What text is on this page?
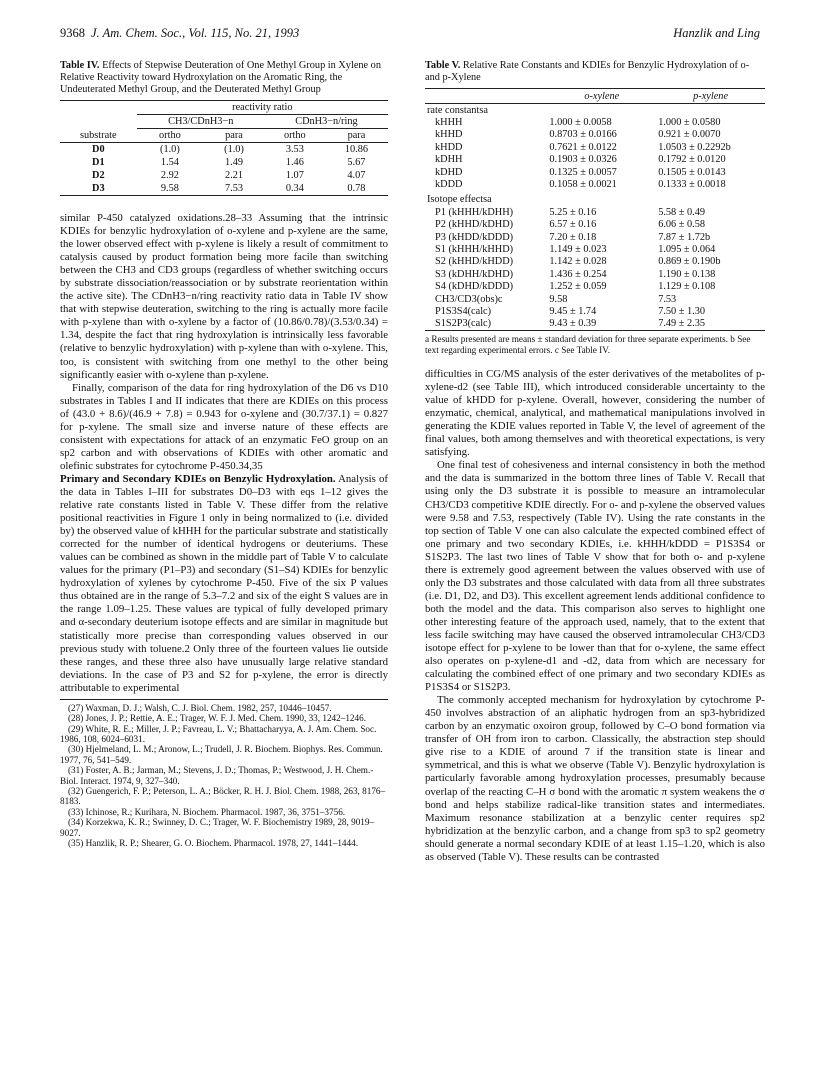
9368 J. Am. Chem. Soc., Vol. 115, No. 21, 1993	Hanzlik and Ling
Table IV. Effects of Stepwise Deuteration of One Methyl Group in Xylene on Relative Reactivity toward Hydroxylation on the Aromatic Ring, the Undeuterated Methyl Group, and the Deuterated Methyl Group
	reactivity ratio			
	CH3/CDnH3−n		CDnH3−n/ring	
substrate	ortho	para	ortho	para
D0	(1.0)	(1.0)	3.53	10.86
D1	1.54	1.49	1.46	5.67
D2	2.92	2.21	1.07	4.07
D3	9.58	7.53	0.34	0.78

similar P-450 catalyzed oxidations.28–33 Assuming that the intrinsic KDIEs for benzylic hydroxylation of o-xylene and p-xylene are the same, the lower observed effect with p-xylene is likely a result of commitment to catalysis caused by product formation being more facile than switching between the CH3 and CD3 groups (regardless of whether switching occurs by substrate dissociation/reassociation or by substrate reorientation within the active site). The CDnH3−n/ring reactivity ratio data in Table IV show that with stepwise deuteration, switching to the ring is actually more facile with p-xylene than with o-xylene by a factor of (10.86/0.78)/(3.53/0.34) = 1.34, despite the fact that ring hydroxylation is intrinsically less favorable (relative to benzylic hydroxylation) with p-xylene than with o-xylene. This, too, is consistent with switching from one methyl to the other being significantly easier with o-xylene than p-xylene.

Finally, comparison of the data for ring hydroxylation of the D6 vs D10 substrates in Tables I and II indicates that there are KDIEs on this process of (43.0 + 8.6)/(46.9 + 7.8) = 0.943 for o-xylene and (30.7/37.1) = 0.827 for p-xylene. The small size and inverse nature of these effects are consistent with expectations for attack of an enzymatic FeO group on an sp2 carbon and with observations of KDIEs with other aromatic and olefinic substrates for cytochrome P-450.34,35

Primary and Secondary KDIEs on Benzylic Hydroxylation. Analysis of the data in Tables I–III for substrates D0–D3 with eqs 1–12 gives the relative rate constants listed in Table V. These differ from the relative positional reactivities in Figure 1 only in being normalized to (i.e. divided by) the observed value of kHHH for the particular substrate and statistically corrected for the number of identical hydrogens or deuteriums. These values can be combined as shown in the middle part of Table V to calculate values for the primary (P1–P3) and secondary (S1–S4) KDIEs for benzylic hydroxylation of xylenes by cytochrome P-450. Five of the six P values thus obtained are in the range of 5.3–7.2 and six of the eight S values are in the range 1.09–1.25. These values are typical of fully developed primary and α-secondary deuterium isotope effects and are similar in magnitude but statistically more precise than corresponding values observed in our previous study with toluene.2 Only three of the fourteen values lie outside these ranges, and these three also have unusually large relative standard deviations. In the case of P3 and S2 for p-xylene, the error is directly attributable to experimental

(27) Waxman, D. J.; Walsh, C. J. Biol. Chem. 1982, 257, 10446–10457.
(28) Jones, J. P.; Rettie, A. E.; Trager, W. F. J. Med. Chem. 1990, 33, 1242–1246.
(29) White, R. E.; Miller, J. P.; Favreau, L. V.; Bhattacharyya, A. J. Am. Chem. Soc. 1986, 108, 6024–6031.
(30) Hjelmeland, L. M.; Aronow, L.; Trudell, J. R. Biochem. Biophys. Res. Commun. 1977, 76, 541–549.
(31) Foster, A. B.; Jarman, M.; Stevens, J. D.; Thomas, P.; Westwood, J. H. Chem.-Biol. Interact. 1974, 9, 327–340.
(32) Guengerich, F. P.; Peterson, L. A.; Böcker, R. H. J. Biol. Chem. 1988, 263, 8176–8183.
(33) Ichinose, R.; Kurihara, N. Biochem. Pharmacol. 1987, 36, 3751–3756.
(34) Korzekwa, K. R.; Swinney, D. C.; Trager, W. F. Biochemistry 1989, 28, 9019–9027.
(35) Hanzlik, R. P.; Shearer, G. O. Biochem. Pharmacol. 1978, 27, 1441–1444.
Table V. Relative Rate Constants and KDIEs for Benzylic Hydroxylation of o- and p-Xylene
	o-xylene	p-xylene
rate constantsa		
kHHH	1.000 ± 0.0058	1.000 ± 0.0580
kHHD	0.8703 ± 0.0166	0.921 ± 0.0070
kHDD	0.7621 ± 0.0122	1.0503 ± 0.2292b
kDHH	0.1903 ± 0.0326	0.1792 ± 0.0120
kDHD	0.1325 ± 0.0057	0.1505 ± 0.0143
kDDD	0.1058 ± 0.0021	0.1333 ± 0.0018
Isotope effectsa		
P1 (kHHH/kDHH)	5.25 ± 0.16	5.58 ± 0.49
P2 (kHHD/kDHD)	6.57 ± 0.16	6.06 ± 0.58
P3 (kHDD/kDDD)	7.20 ± 0.18	7.87 ± 1.72b
S1 (kHHH/kHHD)	1.149 ± 0.023	1.095 ± 0.064
S2 (kHHD/kHDD)	1.142 ± 0.028	0.869 ± 0.190b
S3 (kDHH/kDHD)	1.436 ± 0.254	1.190 ± 0.138
S4 (kDHD/kDDD)	1.252 ± 0.059	1.129 ± 0.108
CH3/CD3(obs)c	9.58	7.53
P1S3S4(calc)	9.45 ± 1.74	7.50 ± 1.30
S1S2P3(calc)	9.43 ± 0.39	7.49 ± 2.35
a Results presented are means ± standard deviation for three separate experiments. b See text regarding experimental errors. c See Table IV.

difficulties in CG/MS analysis of the ester derivatives of the metabolites of p-xylene-d2 (see Table III), which introduced considerable uncertainty to the value of kHDD for p-xylene. Overall, however, considering the number of enzymatic, chemical, analytical, and mathematical manipulations involved in generating the KDIE values reported in Table V, the level of agreement of the final values, both among themselves and with theoretical expectations, is very satisfying.

One final test of cohesiveness and internal consistency in both the method and the data is summarized in the bottom three lines of Table V. Recall that using only the D3 substrate it is possible to measure an intramolecular CH3/CD3 competitive KDIE directly. For o- and p-xylene the observed values were 9.58 and 7.53, respectively (Table IV). Using the rate constants in the top section of Table V one can also calculate the expected combined effect of one primary and two secondary KDIEs, i.e. kHHH/kDDD = P1S3S4 or S1S2P3. The last two lines of Table V show that for both o- and p-xylene there is extremely good agreement between the values observed with use of only the D3 substrates and those calculated with data from all three substrates (i.e. D1, D2, and D3). This excellent agreement lends additional confidence to both the model and the data. This comparison also serves to highlight one other interesting feature of the approach used, namely, that to the extent that less facile switching may have caused the observed intramolecular CH3/CD3 isotope effect for p-xylene to be lower than that for o-xylene, the same effect also operates on p-xylene-d1 and -d2, data from which are necessary for calculating the combined effect of one primary and two secondary KDIEs as P1S3S4 or S1S2P3.

The commonly accepted mechanism for hydroxylation by cytochrome P-450 involves abstraction of an aliphatic hydrogen from an sp3-hybridized carbon by an enzymatic oxoiron group, followed by C–O bond formation via transfer of OH from iron to carbon. Classically, the abstraction step should give rise to a KDIE of around 7 if the transition state is linear and symmetrical, and this is what we observe (Table V). Benzylic hydroxylation is particularly favorable among hydroxylation processes, presumably because overlap of the reacting C–H σ bond with the aromatic π system weakens the σ bond and helps stabilize radical-like transition states and intermediates. Maximum resonance stabilization at a benzylic center requires sp2 hybridization at the benzylic carbon, and a change from sp3 to sp2 geometry should generate a normal secondary KDIE of at least 1.15–1.20, which is also as observed (Table V). These results can be contrasted
